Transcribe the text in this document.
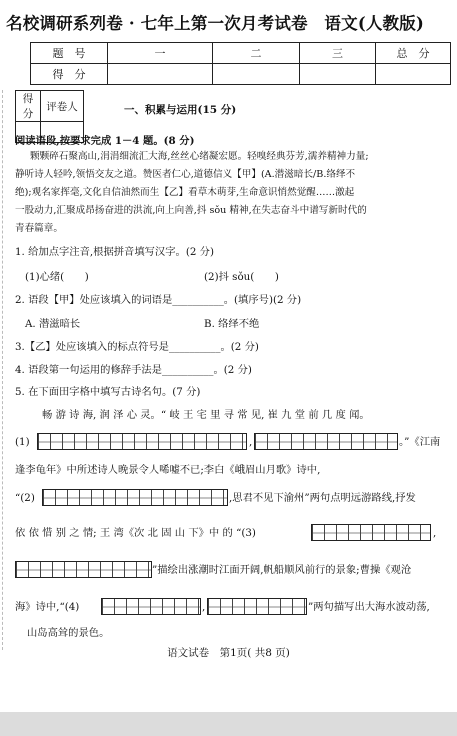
名校调研系列卷 · 七年上第一次月考试卷　语文(人教版)
题　号	一	二	三	总　分
得　分				
得分	评卷人
		一、积累与运用(15 分)
阅读语段,按要求完成 1－4 题。(8 分)
颗颗碎石聚高山,涓涓细流汇大海,丝丝心绪凝宏愿。轻嗅经典芬芳,濡养精神力量;
静听诗人轻吟,领悟交友之道。赞医者仁心,道德信义【甲】(A.潜滋暗长/B.络绎不
绝);观名家挥毫,文化自信油然而生【乙】看草木萌芽,生命意识悄然觉醒……激起
一股动力,汇聚成昂扬奋进的洪流,向上向善,抖 sǒu 精神,在失志奋斗中谱写新时代的
青春篇章。
1. 给加点字注音,根据拼音填写汉字。(2 分)
(1)心绪(　　)	(2)抖 sǒu(　　)
2. 语段【甲】处应该填入的词语是__________。(填序号)(2 分)
A. 潜滋暗长	B. 络绎不绝
3.【乙】处应该填入的标点符号是__________。(2 分)
4. 语段第一句运用的修辞手法是__________。(2 分)
5. 在下面田字格中填写古诗名句。(7 分)
畅 游 诗 海, 润 泽 心 灵。“ 岐 王 宅 里 寻 常 见, 崔 九 堂 前 几 度 闻。
(1)	,	。”《江南
逢李龟年》中所述诗人晚景令人唏嘘不已;李白《峨眉山月歌》诗中,
“(2)	,思君不见下渝州”两句点明远游路线,抒发
依 依 惜 别 之 情; 王 湾《次 北 固 山 下》中 的 “(3)	,
”描绘出涨潮时江面开阔,帆船顺风前行的景象;曹操《观沧
海》诗中,“(4)	,	”两句描写出大海水波动荡,
山岛高耸的景色。
语文试卷　第1页( 共8 页)
